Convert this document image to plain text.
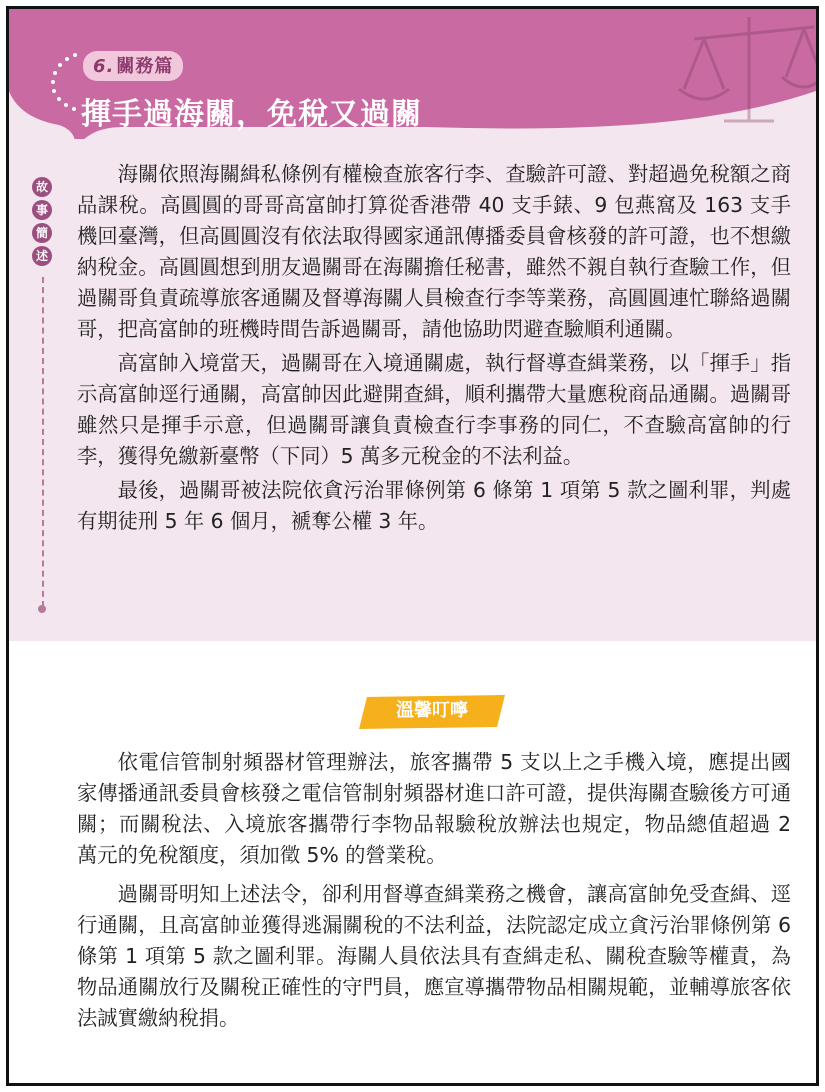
6. 關務篇
揮手過海關，免稅又過關
故
事
簡
述

海關依照海關緝私條例有權檢查旅客行李、查驗許可證、對超過免稅額之商品課稅。高圓圓的哥哥高富帥打算從香港帶 40 支手錶、9 包燕窩及 163 支手機回臺灣，但高圓圓沒有依法取得國家通訊傳播委員會核發的許可證，也不想繳納稅金。高圓圓想到朋友過關哥在海關擔任秘書，雖然不親自執行查驗工作，但過關哥負責疏導旅客通關及督導海關人員檢查行李等業務，高圓圓連忙聯絡過關哥，把高富帥的班機時間告訴過關哥，請他協助閃避查驗順利通關。

高富帥入境當天，過關哥在入境通關處，執行督導查緝業務，以「揮手」指示高富帥逕行通關，高富帥因此避開查緝，順利攜帶大量應稅商品通關。過關哥雖然只是揮手示意，但過關哥讓負責檢查行李事務的同仁，不查驗高富帥的行李，獲得免繳新臺幣（下同）5 萬多元稅金的不法利益。

最後，過關哥被法院依貪污治罪條例第 6 條第 1 項第 5 款之圖利罪，判處有期徒刑 5 年 6 個月，褫奪公權 3 年。

溫馨叮嚀

依電信管制射頻器材管理辦法，旅客攜帶 5 支以上之手機入境，應提出國家傳播通訊委員會核發之電信管制射頻器材進口許可證，提供海關查驗後方可通關；而關稅法、入境旅客攜帶行李物品報驗稅放辦法也規定，物品總值超過 2 萬元的免稅額度，須加徵 5% 的營業稅。

過關哥明知上述法令，卻利用督導查緝業務之機會，讓高富帥免受查緝、逕行通關，且高富帥並獲得逃漏關稅的不法利益，法院認定成立貪污治罪條例第 6 條第 1 項第 5 款之圖利罪。海關人員依法具有查緝走私、關稅查驗等權責，為物品通關放行及關稅正確性的守門員，應宣導攜帶物品相關規範，並輔導旅客依法誠實繳納稅捐。
